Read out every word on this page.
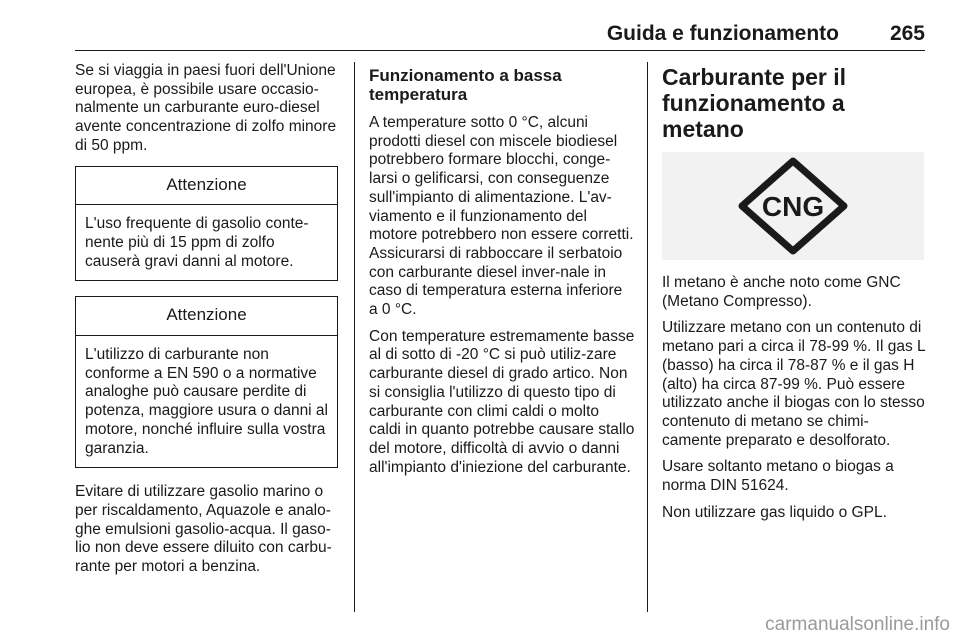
Guida e funzionamento 265

Se si viaggia in paesi fuori dell'Unione europea, è possibile usare occasio-nalmente un carburante euro-diesel avente concentrazione di zolfo minore di 50 ppm.

Attenzione
L'uso frequente di gasolio conte-nente più di 15 ppm di zolfo causerà gravi danni al motore.
Attenzione
L'utilizzo di carburante non conforme a EN 590 o a normative analoghe può causare perdite di potenza, maggiore usura o danni al motore, nonché influire sulla vostra garanzia.

Evitare di utilizzare gasolio marino o per riscaldamento, Aquazole e analo-ghe emulsioni gasolio-acqua. Il gaso-lio non deve essere diluito con carbu-rante per motori a benzina.

Funzionamento a bassa temperatura

A temperature sotto 0 °C, alcuni prodotti diesel con miscele biodiesel potrebbero formare blocchi, conge-larsi o gelificarsi, con conseguenze sull'impianto di alimentazione. L'av-viamento e il funzionamento del motore potrebbero non essere corretti. Assicurarsi di rabboccare il serbatoio con carburante diesel inver-nale in caso di temperatura esterna inferiore a 0 °C.

Con temperature estremamente basse al di sotto di -20 °C si può utiliz-zare carburante diesel di grado artico. Non si consiglia l'utilizzo di questo tipo di carburante con climi caldi o molto caldi in quanto potrebbe causare stallo del motore, difficoltà di avvio o danni all'impianto d'iniezione del carburante.

Carburante per il funzionamento a metano
CNG

Il metano è anche noto come GNC (Metano Compresso).

Utilizzare metano con un contenuto di metano pari a circa il 78-99 %. Il gas L (basso) ha circa il 78-87 % e il gas H (alto) ha circa 87-99 %. Può essere utilizzato anche il biogas con lo stesso contenuto di metano se chimi-camente preparato e desolforato.

Usare soltanto metano o biogas a norma DIN 51624.

Non utilizzare gas liquido o GPL.

carmanualsonline.info
